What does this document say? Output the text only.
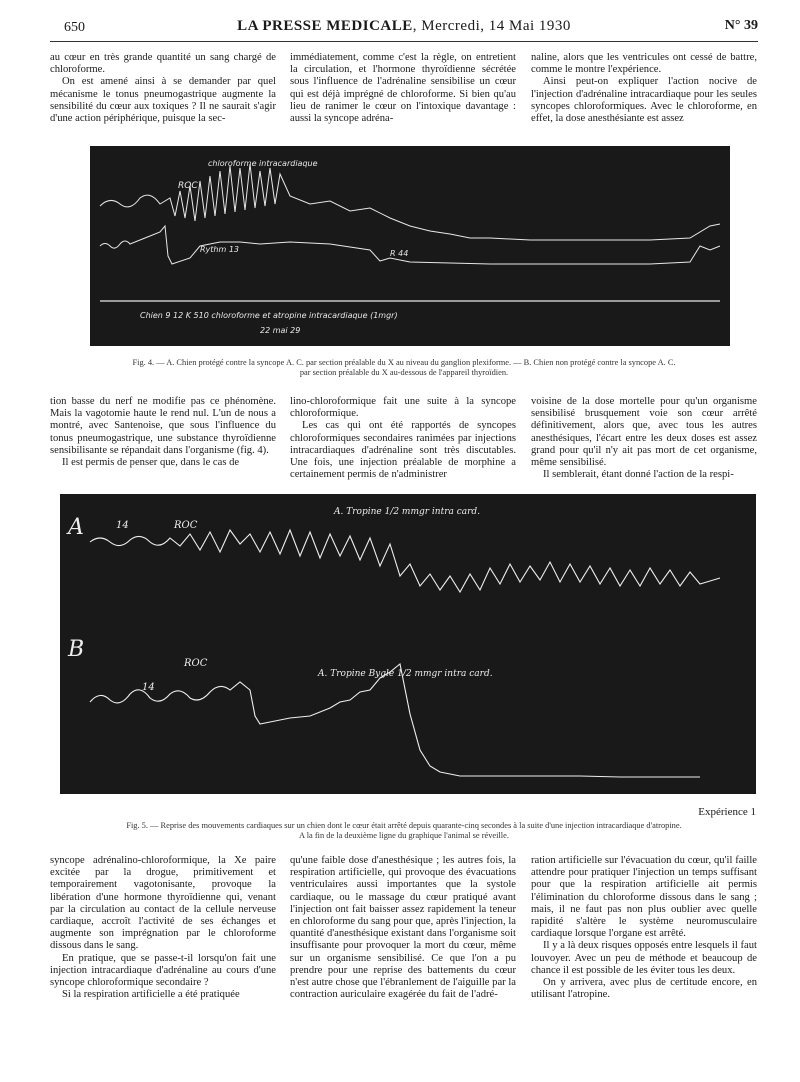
650	LA PRESSE MEDICALE, Mercredi, 14 Mai 1930	N° 39

au cœur en très grande quantité un sang chargé de chloroforme.

On est amené ainsi à se demander par quel mécanisme le tonus pneumogastrique augmente la sensibilité du cœur aux toxiques ? Il ne saurait s'agir d'une action périphérique, puisque la sec-

immédiatement, comme c'est la règle, on entretient la circulation, et l'hormone thyroïdienne sécrétée sous l'influence de l'adrénaline sensibilise un cœur qui est déjà imprégné de chloroforme. Si bien qu'au lieu de ranimer le cœur on l'intoxique davantage : aussi la syncope adréna-

naline, alors que les ventricules ont cessé de battre, comme le montre l'expérience.

Ainsi peut-on expliquer l'action nocive de l'injection d'adrénaline intracardiaque pour les seules syncopes chloroformiques. Avec le chloroforme, en effet, la dose anesthésiante est assez

ROC
chloroforme intracardiaque
Rythm 13	R 44
Chien 9 12 K 510 chloroforme et atropine intracardiaque (1mgr)
22 mai 29
Fig. 4. — A. Chien protégé contre la syncope A. C. par section préalable du X au niveau du ganglion plexiforme. — B. Chien non protégé contre la syncope A. C.
par section préalable du X au-dessous de l'appareil thyroïdien.

tion basse du nerf ne modifie pas ce phénomène. Mais la vagotomie haute le rend nul. L'un de nous a montré, avec Santenoise, que sous l'influence du tonus pneumogastrique, une substance thyroïdienne sensibilisante se répandait dans l'organisme (fig. 4).

Il est permis de penser que, dans le cas de

lino-chloroformique fait une suite à la syncope chloroformique.

Les cas qui ont été rapportés de syncopes chloroformiques secondaires ranimées par injections intracardiaques d'adrénaline sont très discutables. Une fois, une injection préalable de morphine a certainement permis de n'administrer

voisine de la dose mortelle pour qu'un organisme sensibilisé brusquement voie son cœur arrêté définitivement, alors que, avec tous les autres anesthésiques, l'écart entre les deux doses est assez grand pour qu'il n'y ait pas mort de cet organisme, même sensibilisé.

Il semblerait, étant donné l'action de la respi-

A	14	ROC
A. Tropine 1/2 mmgr intra card.
B
14
ROC
A. Tropine Bygle 1/2 mmgr intra card.
Expérience 1
Fig. 5. — Reprise des mouvements cardiaques sur un chien dont le cœur était arrêté depuis quarante-cinq secondes à la suite d'une injection intracardiaque d'atropine.
A la fin de la deuxième ligne du graphique l'animal se réveille.

syncope adrénalino-chloroformique, la Xe paire excitée par la drogue, primitivement et temporairement vagotonisante, provoque la libération d'une hormone thyroïdienne qui, venant par la circulation au contact de la cellule nerveuse cardiaque, accroît l'activité de ses échanges et augmente son imprégnation par le chloroforme dissous dans le sang.

En pratique, que se passe-t-il lorsqu'on fait une injection intracardiaque d'adrénaline au cours d'une syncope chloroformique secondaire ?

Si la respiration artificielle a été pratiquée

qu'une faible dose d'anesthésique ; les autres fois, la respiration artificielle, qui provoque des évacuations ventriculaires aussi importantes que la systole cardiaque, ou le massage du cœur pratiqué avant l'injection ont fait baisser assez rapidement la teneur en chloroforme du sang pour que, après l'injection, la quantité d'anesthésique existant dans l'organisme soit insuffisante pour provoquer la mort du cœur, même sur un organisme sensibilisé. Ce que l'on a pu prendre pour une reprise des battements du cœur n'est autre chose que l'ébranlement de l'aiguille par la contraction auriculaire exagérée du fait de l'adré-

ration artificielle sur l'évacuation du cœur, qu'il faille attendre pour pratiquer l'injection un temps suffisant pour que la respiration artificielle ait permis l'élimination du chloroforme dissous dans le sang ; mais, il ne faut pas non plus oublier avec quelle rapidité s'altère le système neuromusculaire cardiaque lorsque l'organe est arrêté.

Il y a là deux risques opposés entre lesquels il faut louvoyer. Avec un peu de méthode et beaucoup de chance il est possible de les éviter tous les deux.

On y arrivera, avec plus de certitude encore, en utilisant l'atropine.
